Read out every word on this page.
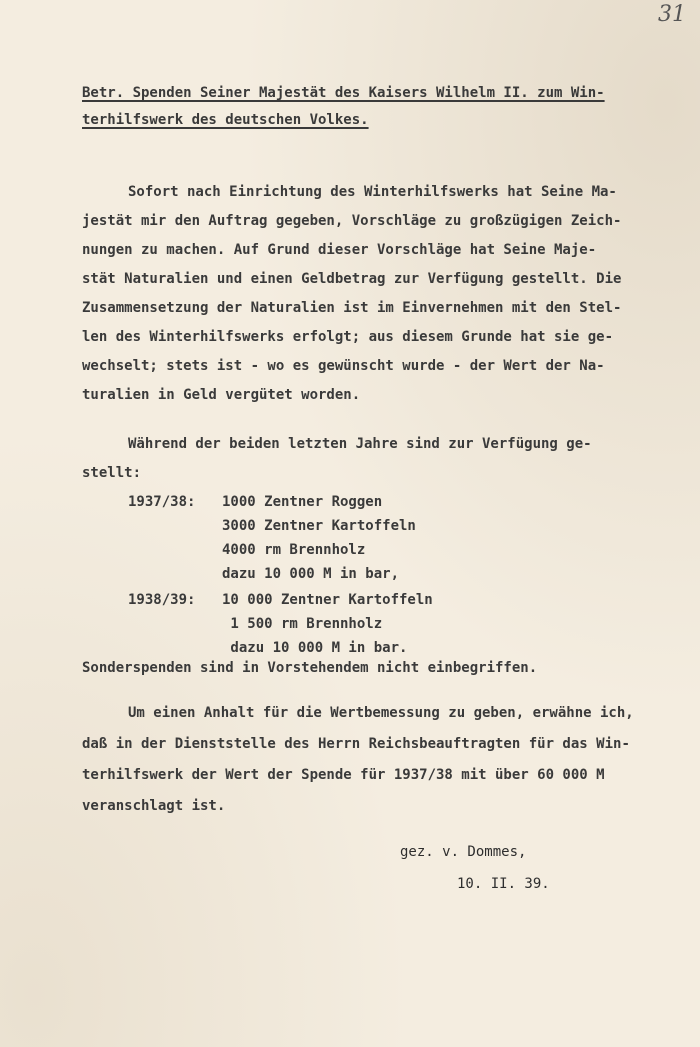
31
Betr. Spenden Seiner Majestät des Kaisers Wilhelm II. zum Win-
terhilfswerk des deutschen Volkes.
Sofort nach Einrichtung des Winterhilfswerks hat Seine Ma-
jestät mir den Auftrag gegeben, Vorschläge zu großzügigen Zeich-
nungen zu machen. Auf Grund dieser Vorschläge hat Seine Maje-
stät Naturalien und einen Geldbetrag zur Verfügung gestellt. Die
Zusammensetzung der Naturalien ist im Einvernehmen mit den Stel-
len des Winterhilfswerks erfolgt; aus diesem Grunde hat sie ge-
wechselt; stets ist - wo es gewünscht wurde - der Wert der Na-
turalien in Geld vergütet worden.
Während der beiden letzten Jahre sind zur Verfügung ge-
stellt:
1937/38:	1000 Zentner Roggen
3000 Zentner Kartoffeln
4000 rm Brennholz
dazu 10 000 M in bar,
1938/39:	10 000 Zentner Kartoffeln
1 500 rm Brennholz
dazu 10 000 M in bar.
Sonderspenden sind in Vorstehendem nicht einbegriffen.
Um einen Anhalt für die Wertbemessung zu geben, erwähne ich,
daß in der Dienststelle des Herrn Reichsbeauftragten für das Win-
terhilfswerk der Wert der Spende für 1937/38 mit über 60 000 M
veranschlagt ist.
gez. v. Dommes,
10. II. 39.
